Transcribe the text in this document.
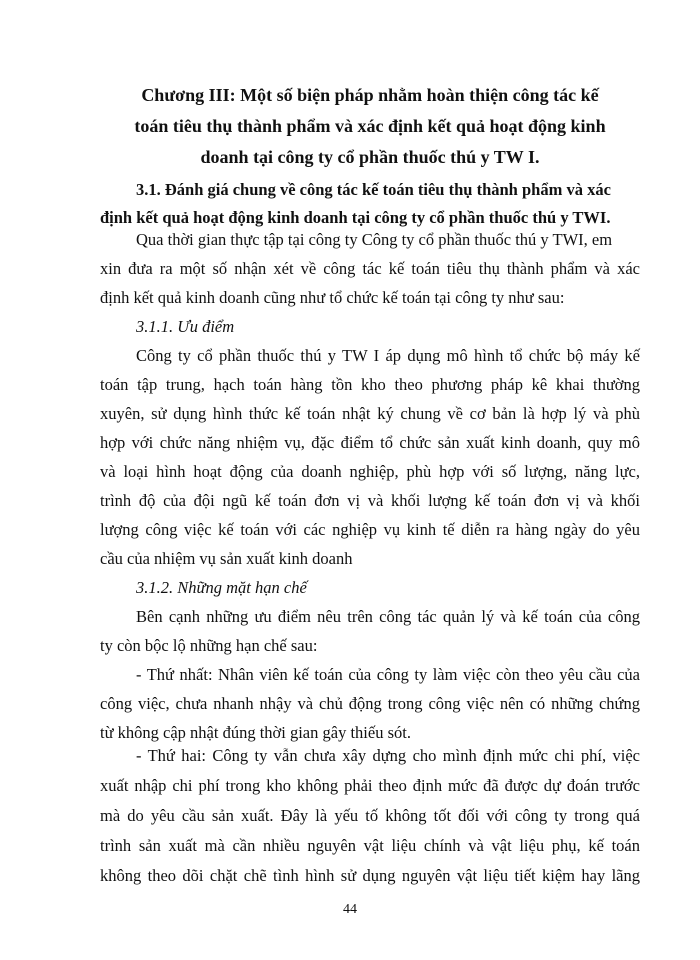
Chương III: Một số biện pháp nhằm hoàn thiện công tác kế
toán tiêu thụ thành phẩm và xác định kết quả hoạt động kinh
doanh tại công ty cổ phần thuốc thú y TW I.
3.1. Đánh giá chung về công tác kế toán tiêu thụ thành phẩm và xác
định kết quả hoạt động kinh doanh tại công ty cổ phần thuốc thú y TWI.
Qua thời gian thực tập tại công ty Công ty cổ phần thuốc thú y TWI, em
xin đưa ra một số nhận xét về công tác kế toán tiêu thụ thành phẩm và xác
định kết quả kinh doanh cũng như tổ chức kế toán tại công ty như sau:
3.1.1. Ưu điểm
Công ty cổ phần thuốc thú y TW I áp dụng mô hình tổ chức bộ máy kế
toán tập trung, hạch toán hàng tồn kho theo phương pháp kê khai thường
xuyên, sử dụng hình thức kế toán nhật ký chung về cơ bản là hợp lý và phù
hợp với chức năng nhiệm vụ, đặc điểm tổ chức sản xuất kinh doanh, quy mô
và loại hình hoạt động của doanh nghiệp, phù hợp với số lượng, năng lực,
trình độ của đội ngũ kế toán đơn vị và khối lượng kế toán đơn vị và khối
lượng công việc kế toán với các nghiệp vụ kinh tế diễn ra hàng ngày do yêu
cầu của nhiệm vụ sản xuất kinh doanh
3.1.2. Những mặt hạn chế
Bên cạnh những ưu điểm nêu trên công tác quản lý và kế toán của công
ty còn bộc lộ những hạn chế sau:
- Thứ nhất: Nhân viên kế toán của công ty làm việc còn theo yêu cầu của
công việc, chưa nhanh nhậy và chủ động trong công việc nên có những chứng
từ không cập nhật đúng thời gian gây thiếu sót.
- Thứ hai: Công ty vẫn chưa xây dựng cho mình định mức chi phí, việc
xuất nhập chi phí trong kho không phải theo định mức đã được dự đoán trước
mà do yêu cầu sản xuất. Đây là yếu tố không tốt đối với công ty trong quá
trình sản xuất mà cần nhiều nguyên vật liệu chính và vật liệu phụ, kế toán
44
không theo dõi chặt chẽ tình hình sử dụng nguyên vật liệu tiết kiệm hay lãng
